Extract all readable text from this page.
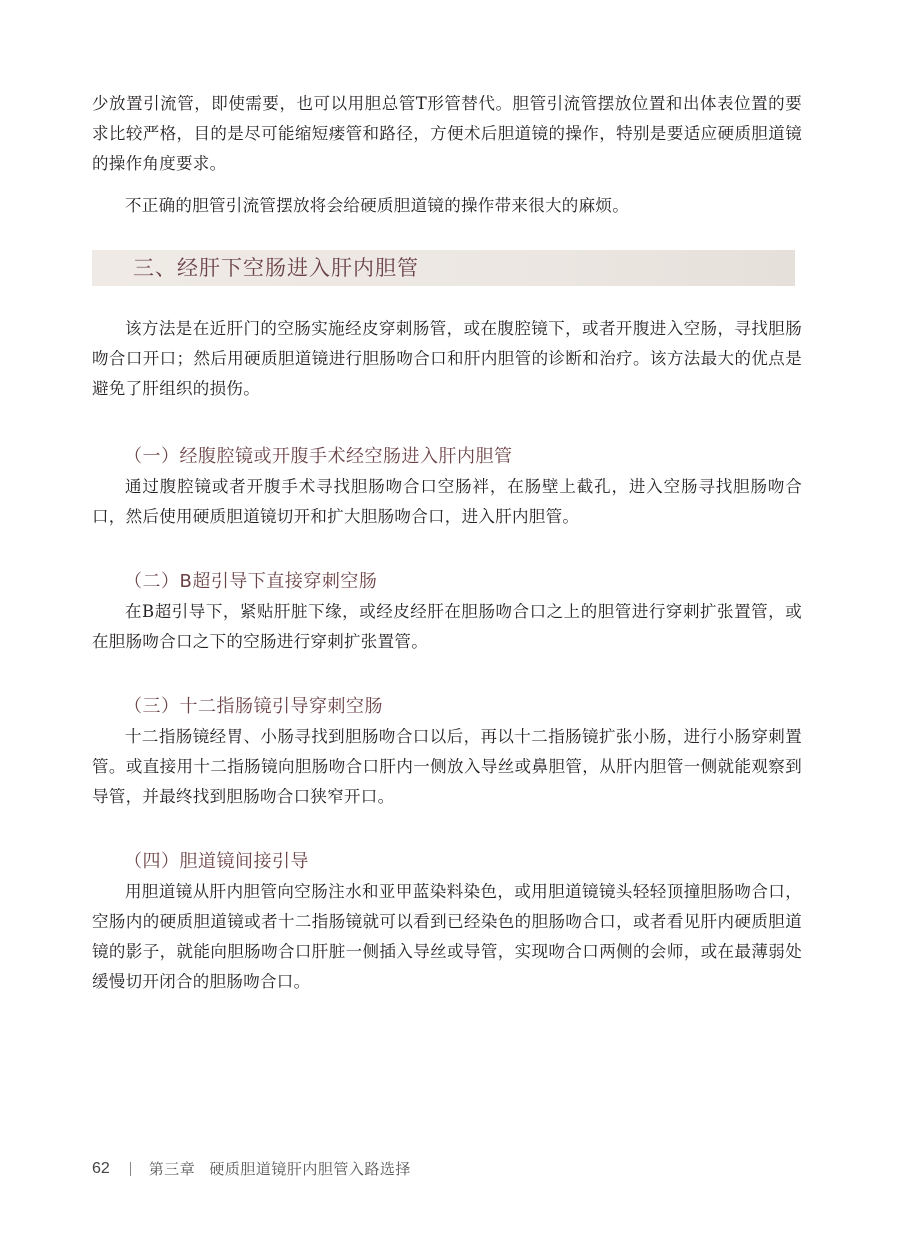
少放置引流管，即使需要，也可以用胆总管T形管替代。胆管引流管摆放位置和出体表位置的要求比较严格，目的是尽可能缩短瘘管和路径，方便术后胆道镜的操作，特别是要适应硬质胆道镜的操作角度要求。

不正确的胆管引流管摆放将会给硬质胆道镜的操作带来很大的麻烦。

三、经肝下空肠进入肝内胆管

该方法是在近肝门的空肠实施经皮穿刺肠管，或在腹腔镜下，或者开腹进入空肠，寻找胆肠吻合口开口；然后用硬质胆道镜进行胆肠吻合口和肝内胆管的诊断和治疗。该方法最大的优点是避免了肝组织的损伤。

（一）经腹腔镜或开腹手术经空肠进入肝内胆管

通过腹腔镜或者开腹手术寻找胆肠吻合口空肠袢，在肠壁上截孔，进入空肠寻找胆肠吻合口，然后使用硬质胆道镜切开和扩大胆肠吻合口，进入肝内胆管。

（二）B超引导下直接穿刺空肠

在B超引导下，紧贴肝脏下缘，或经皮经肝在胆肠吻合口之上的胆管进行穿刺扩张置管，或在胆肠吻合口之下的空肠进行穿刺扩张置管。

（三）十二指肠镜引导穿刺空肠

十二指肠镜经胃、小肠寻找到胆肠吻合口以后，再以十二指肠镜扩张小肠，进行小肠穿刺置管。或直接用十二指肠镜向胆肠吻合口肝内一侧放入导丝或鼻胆管，从肝内胆管一侧就能观察到导管，并最终找到胆肠吻合口狭窄开口。

（四）胆道镜间接引导

用胆道镜从肝内胆管向空肠注水和亚甲蓝染料染色，或用胆道镜镜头轻轻顶撞胆肠吻合口，空肠内的硬质胆道镜或者十二指肠镜就可以看到已经染色的胆肠吻合口，或者看见肝内硬质胆道镜的影子，就能向胆肠吻合口肝脏一侧插入导丝或导管，实现吻合口两侧的会师，或在最薄弱处缓慢切开闭合的胆肠吻合口。

62	第三章 硬质胆道镜肝内胆管入路选择
